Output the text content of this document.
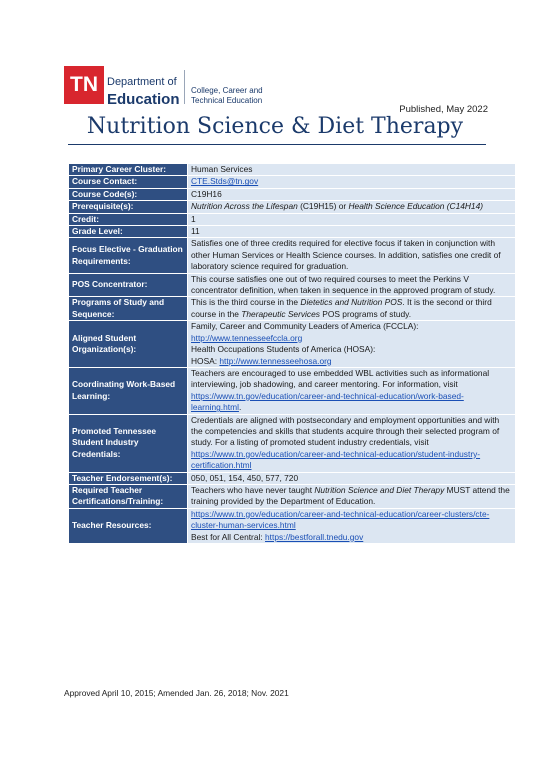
TN Department of
Education
College, Career and
Technical Education
Published, May 2022
Nutrition Science & Diet Therapy
Primary Career Cluster:	Human Services
Course Contact:	CTE.Stds@tn.gov
Course Code(s):	C19H16
Prerequisite(s):	Nutrition Across the Lifespan (C19H15) or Health Science Education (C14H14)
Credit:	1
Grade Level:	11
Focus Elective - Graduation Requirements:	Satisfies one of three credits required for elective focus if taken in conjunction with other Human Services or Health Science courses. In addition, satisfies one credit of laboratory science required for graduation.
POS Concentrator:	This course satisfies one out of two required courses to meet the Perkins V concentrator definition, when taken in sequence in the approved program of study.
Programs of Study and Sequence:	This is the third course in the Dietetics and Nutrition POS. It is the second or third course in the Therapeutic Services POS programs of study.
Aligned Student Organization(s):	Family, Career and Community Leaders of America (FCCLA):
http://www.tennesseefccla.org
Health Occupations Students of America (HOSA):
HOSA: http://www.tennesseehosa.org

Coordinating Work-Based Learning:	Teachers are encouraged to use embedded WBL activities such as informational interviewing, job shadowing, and career mentoring. For information, visit https://www.tn.gov/education/career-and-technical-education/work-based-learning.html.
Promoted Tennessee Student Industry Credentials:	Credentials are aligned with postsecondary and employment opportunities and with the competencies and skills that students acquire through their selected program of study. For a listing of promoted student industry credentials, visit https://www.tn.gov/education/career-and-technical-education/student-industry-certification.html
Teacher Endorsement(s):	050, 051, 154, 450, 577, 720
Required Teacher Certifications/Training:	Teachers who have never taught Nutrition Science and Diet Therapy MUST attend the training provided by the Department of Education.
Teacher Resources:	https://www.tn.gov/education/career-and-technical-education/career-clusters/cte-cluster-human-services.html
Best for All Central: https://bestforall.tnedu.gov
Approved April 10, 2015; Amended Jan. 26, 2018; Nov. 2021
